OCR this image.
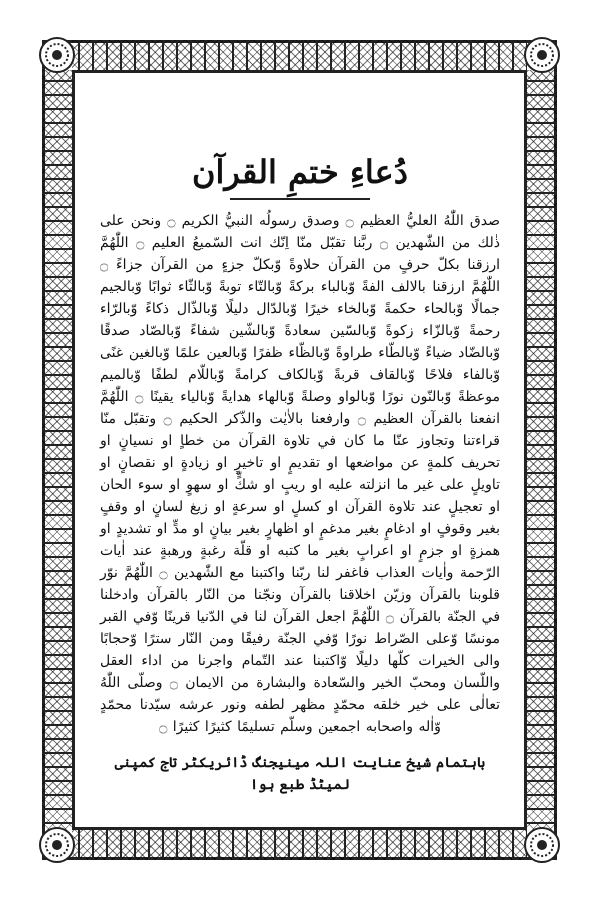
دُعاءِ ختمِ القرآن

صدق اللّٰهُ العليُّ العظيم ۝ وصدق رسولُه النبيُّ الكريم ۝ ونحن على ذٰلك من الشّٰهدين ۝ ربَّنا تقبّل منّا اِنّك انت السّميعُ العليم ۝ اللّٰهُمَّ ارزقنا بكلّ حرفٍ من القرآن حلاوةً وّبكلّ جزءٍ من القرآن جزاءً ۝ اللّٰهُمَّ ارزقنا بالالف الفةً وّبالباء بركةً وّبالتّاء توبةً وّبالثّاء ثوابًا وّبالجيم جمالًا وّبالحاء حكمةً وّبالخاء خيرًا وّبالدّال دليلًا وّبالذّال ذكاءً وّبالرّاء رحمةً وّبالزّاء زكوةً وّبالسّين سعادةً وّبالشّين شفاءً وّبالصّاد صدقًا وّبالضّاد ضياءً وّبالطّاء طراوةً وّبالظّاء ظفرًا وّبالعين علمًا وّبالغين غنًى وّبالفاء فلاحًا وّبالقاف قربةً وّبالكاف كرامةً وّباللّام لطفًا وّبالميم موعظةً وّبالنّون نورًا وّبالواو وصلةً وّبالهاء هدايةً وّبالياء يقينًا ۝ اللّٰهُمَّ انفعنا بالقرآن العظيم ۝ وارفعنا بالاٰيٰت والذّكر الحكيم ۝ وتقبّل منّا قراءتنا وتجاوز عنّا ما كان في تلاوة القرآن من خطاٍ او نسيانٍ او تحريف كلمةٍ عن مواضعها او تقديمٍ او تاخيرٍ او زيادةٍ او نقصانٍ او تاويلٍ على غير ما انزلته عليه او ريبٍ او شكٍّ او سهوٍ او سوء الحان او تعجيلٍ عند تلاوة القرآن او كسلٍ او سرعةٍ او زيغ لسانٍ او وقفٍ بغير وقوفٍ او ادغامٍ بغير مدغمٍ او اظهارٍ بغير بيانٍ او مدٍّ او تشديدٍ او همزةٍ او جزمٍ او اعرابٍ بغير ما كتبه او قلّة رغبةٍ ورهبةٍ عند اٰيات الرّحمة واٰيات العذاب فاغفر لنا ربّنا واكتبنا مع الشّٰهدين ۝ اللّٰهُمَّ نوّر قلوبنا بالقرآن وزيّن اخلاقنا بالقرآن ونجّنا من النّار بالقرآن وادخلنا في الجنّة بالقرآن ۝ اللّٰهُمَّ اجعل القرآن لنا في الدّنيا قرينًا وّفي القبر مونسًا وّعلى الصّراط نورًا وّفي الجنّة رفيقًا ومن النّار سترًا وّحجابًا والى الخيرات كلّها دليلًا وّاكتبنا عند التّمام واجرنا من اداء العقل واللّسان ومحبّ الخير والسّعادة والبشارة من الايمان ۝ وصلّى اللّٰهُ تعالٰى على خير خلقه محمّدٍ مظهر لطفه ونور عرشه سيّدنا محمّدٍ وّاٰله واصحابه اجمعين وسلّم تسليمًا كثيرًا كثيرًا ۝

باہتمام شیخ عنایت اللہ مینیجنگ ڈائریکٹر تاج کمپنی لمیٹڈ طبع ہوا
